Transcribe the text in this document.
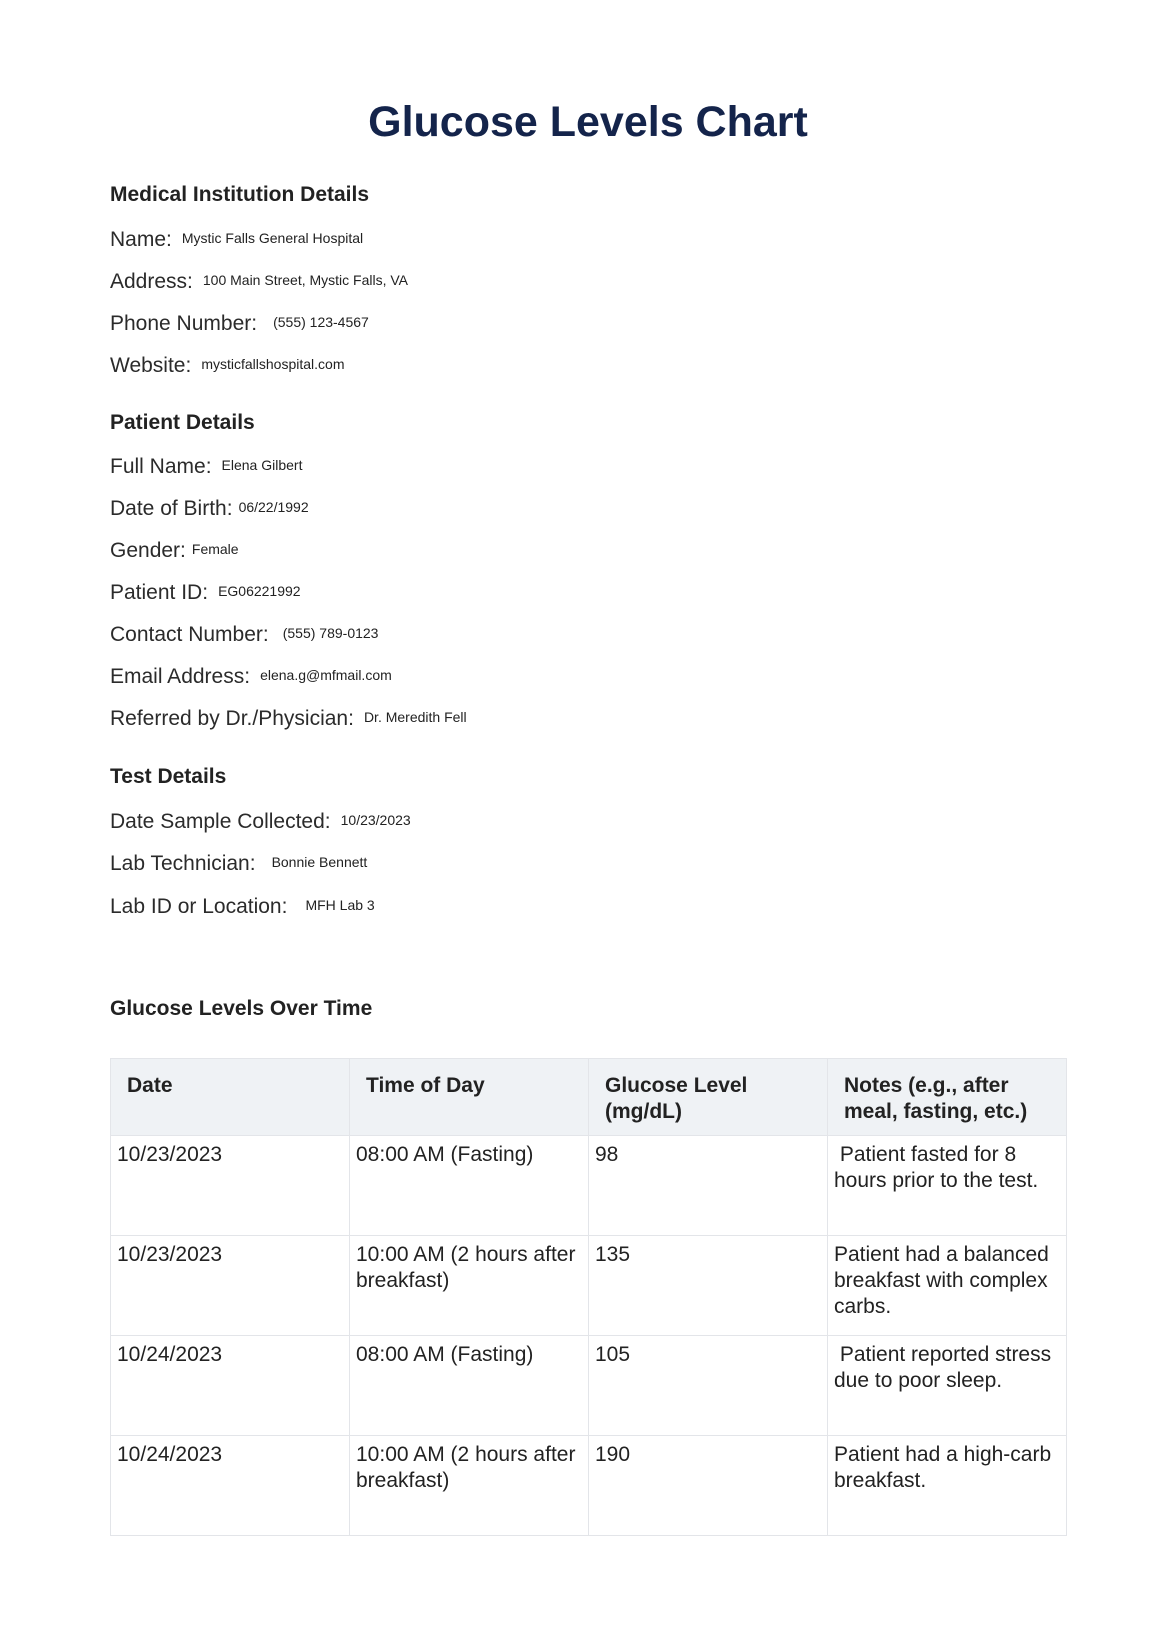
Glucose Levels Chart
Medical Institution Details
Name: Mystic Falls General Hospital
Address: 100 Main Street, Mystic Falls, VA
Phone Number: (555) 123-4567
Website: mysticfallshospital.com
Patient Details
Full Name: Elena Gilbert
Date of Birth: 06/22/1992
Gender: Female
Patient ID: EG06221992
Contact Number: (555) 789-0123
Email Address: elena.g@mfmail.com
Referred by Dr./Physician: Dr. Meredith Fell
Test Details
Date Sample Collected: 10/23/2023
Lab Technician: Bonnie Bennett
Lab ID or Location: MFH Lab 3
Glucose Levels Over Time
Date	Time of Day	Glucose Level (mg/dL)	Notes (e.g., after meal, fasting, etc.)
10/23/2023	08:00 AM (Fasting)	98	Patient fasted for 8 hours prior to the test.
10/23/2023	10:00 AM (2 hours after breakfast)	135	Patient had a balanced breakfast with complex carbs.
10/24/2023	08:00 AM (Fasting)	105	Patient reported stress due to poor sleep.
10/24/2023	10:00 AM (2 hours after breakfast)	190	Patient had a high-carb breakfast.
